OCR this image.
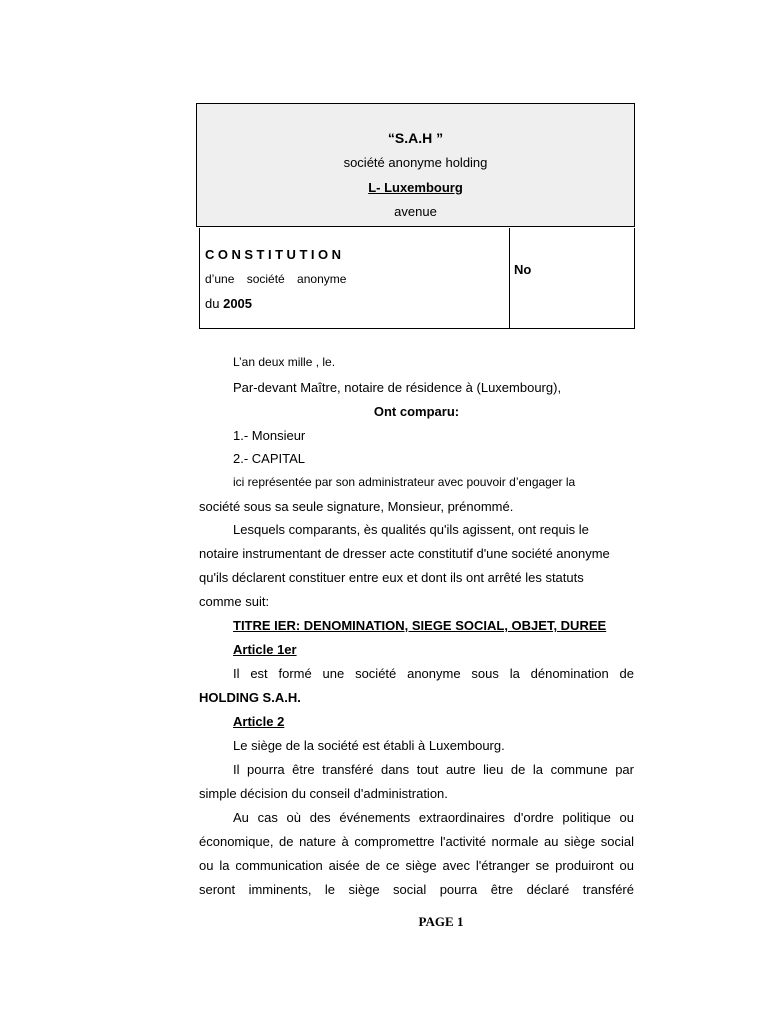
“S.A.H ”
société anonyme holding
L- Luxembourg
avenue
CONSTITUTION
d’une société anonyme
du 2005
No
L’an deux mille , le.
Par-devant Maître, notaire de résidence à (Luxembourg),
Ont comparu:
1.- Monsieur
2.- CAPITAL
ici représentée par son administrateur avec pouvoir d’engager la
société sous sa seule signature, Monsieur, prénommé.
Lesquels comparants, ès qualités qu'ils agissent, ont requis le
notaire instrumentant de dresser acte constitutif d'une société anonyme
qu'ils déclarent constituer entre eux et dont ils ont arrêté les statuts
comme suit:
TITRE IER: DENOMINATION, SIEGE SOCIAL, OBJET, DUREE
Article 1er
Il est formé une société anonyme sous la dénomination de
HOLDING S.A.H.
Article 2
Le siège de la société est établi à Luxembourg.
Il pourra être transféré dans tout autre lieu de la commune par
simple décision du conseil d'administration.
Au cas où des événements extraordinaires d'ordre politique ou
économique, de nature à compromettre l'activité normale au siège social
ou la communication aisée de ce siège avec l'étranger se produiront ou
seront imminents, le siège social pourra être déclaré transféré
PAGE 1
